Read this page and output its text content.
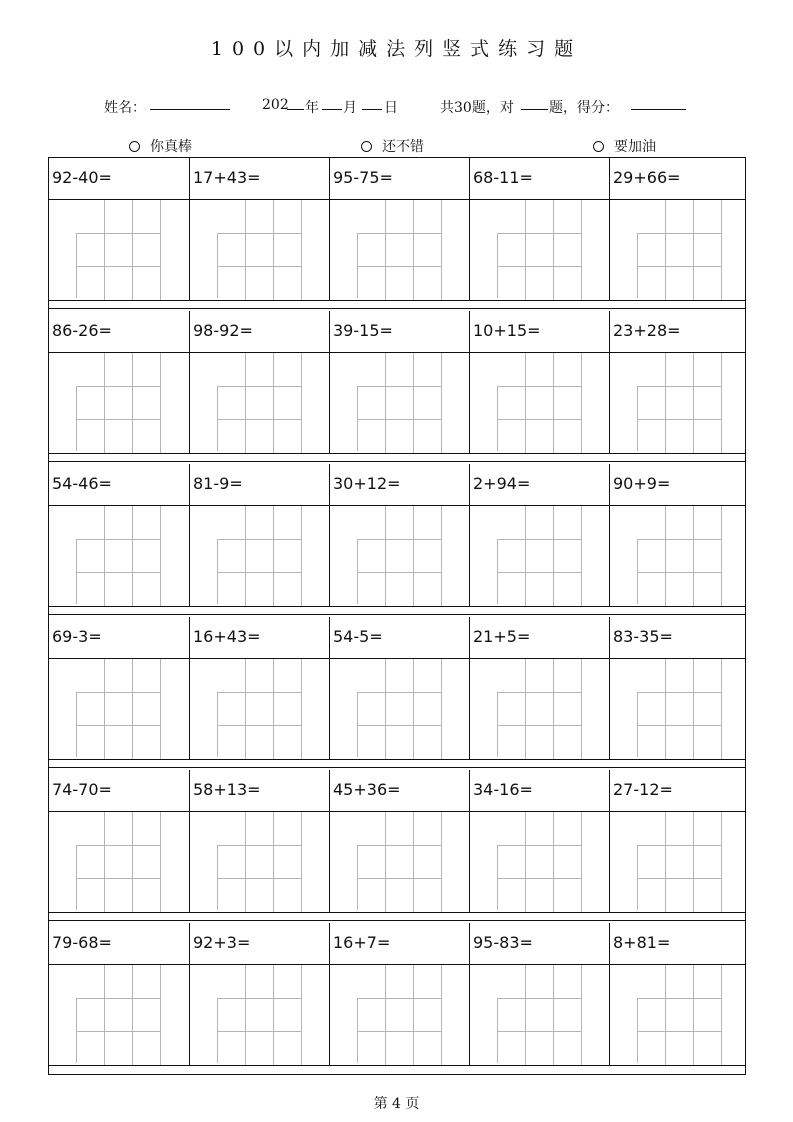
100以内加减法列竖式练习题
姓名：	202 年 月 日	共30题，对	题，得分：
你真棒	还不错	要加油
92-40=	17+43=	95-75=	68-11=	29+66=
86-26=	98-92=	39-15=	10+15=	23+28=
54-46=	81-9=	30+12=	2+94=	90+9=
69-3=	16+43=	54-5=	21+5=	83-35=
74-70=	58+13=	45+36=	34-16=	27-12=
79-68=	92+3=	16+7=	95-83=	8+81=
第 4 页
